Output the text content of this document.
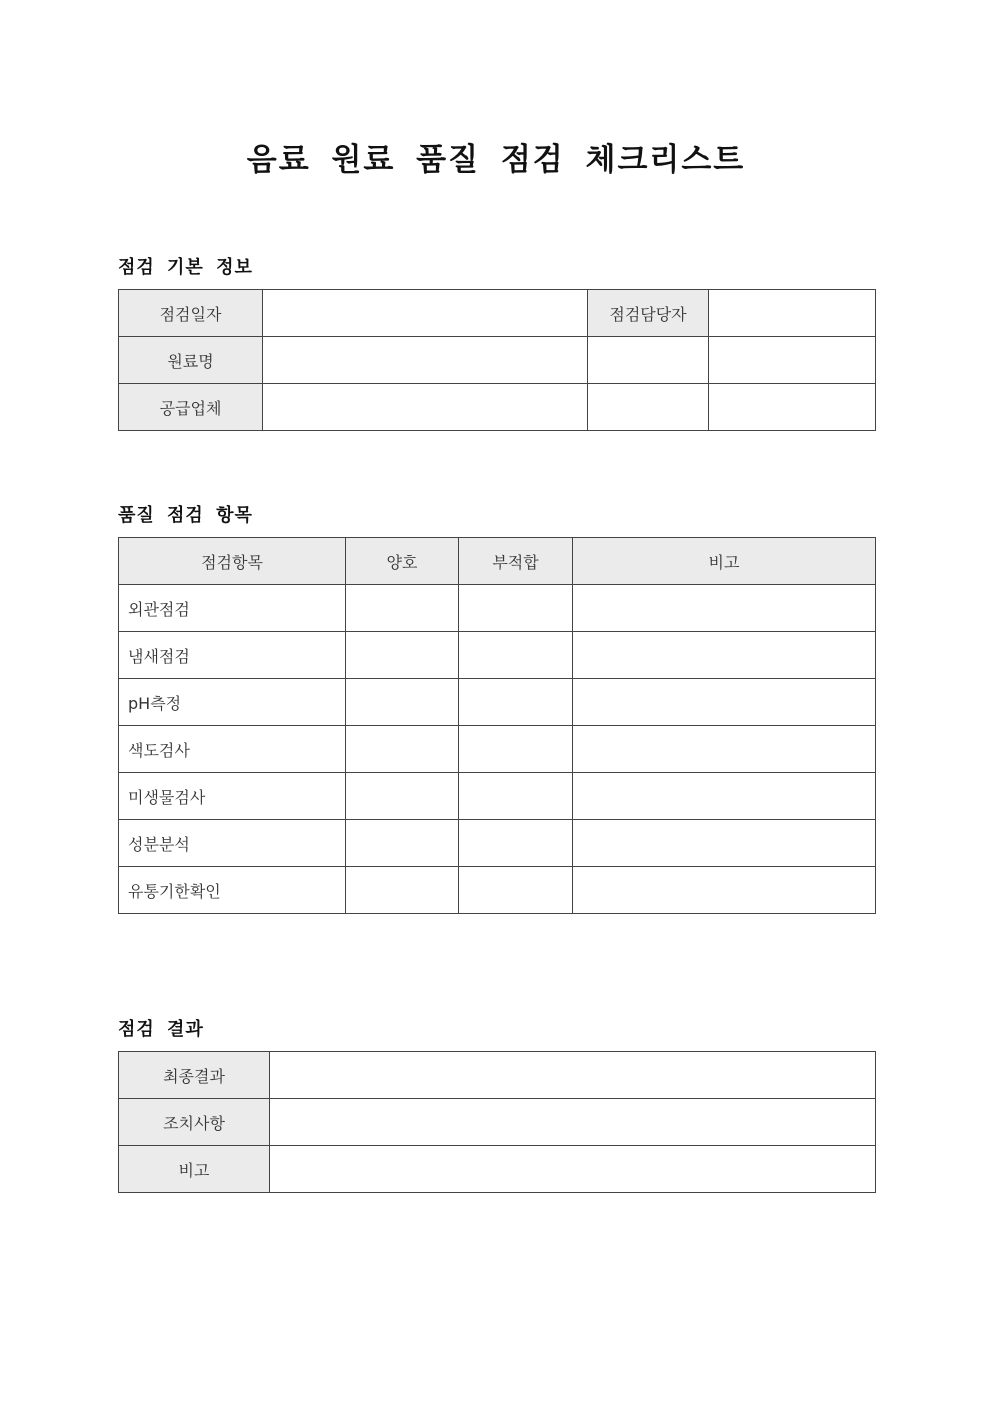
음료 원료 품질 점검 체크리스트
점검 기본 정보
점검일자		점검담당자	
원료명			
공급업체			
품질 점검 항목
점검항목	양호	부적합	비고
외관점검			
냄새점검			
pH측정			
색도검사			
미생물검사			
성분분석			
유통기한확인			
점검 결과
최종결과	
조치사항	
비고	
